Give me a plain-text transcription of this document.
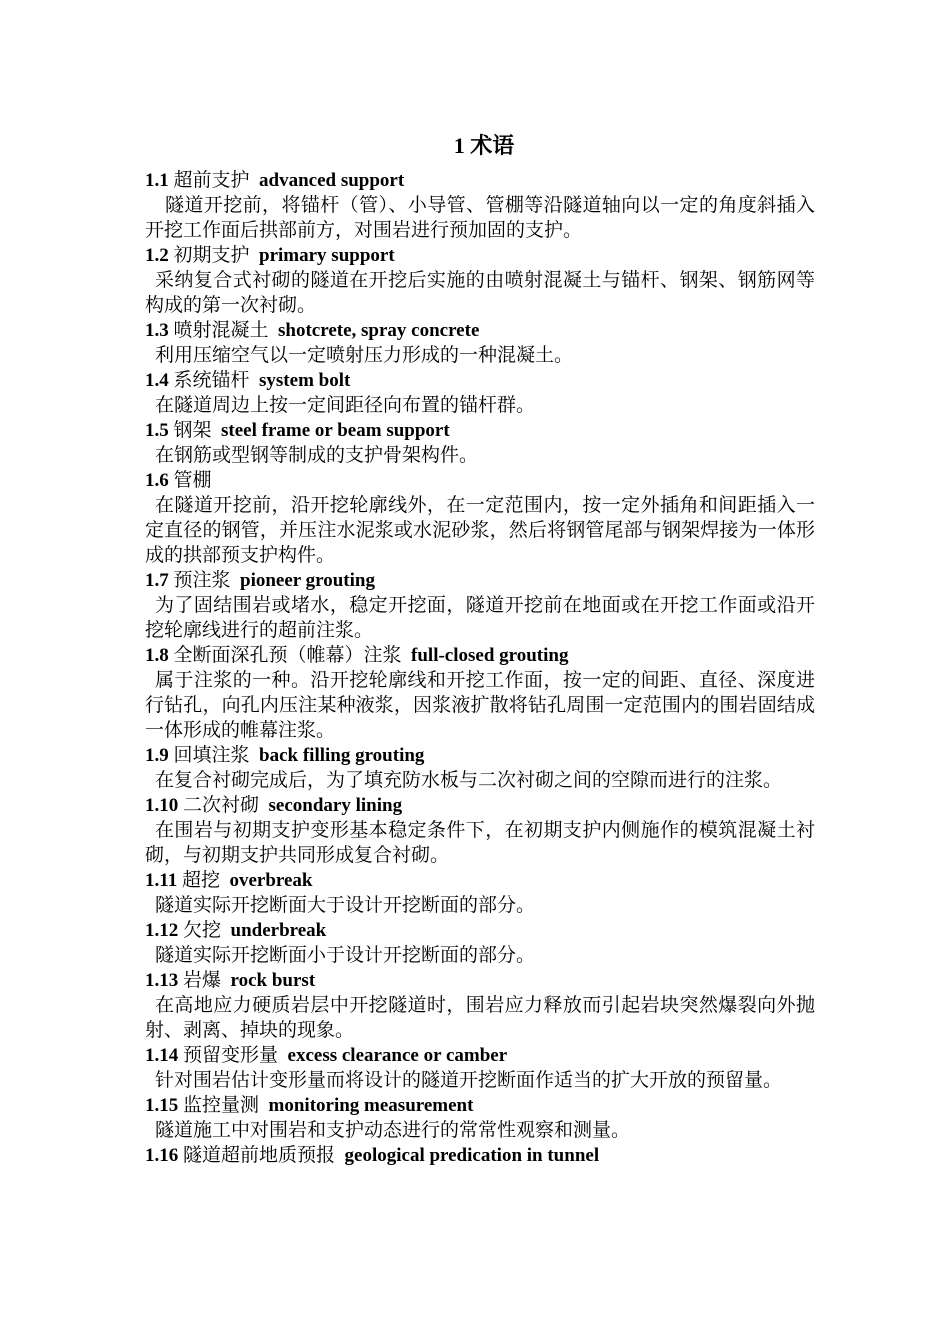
1 术语
1.1 超前支护 advanced support
隧道开挖前，将锚杆（管）、小导管、管棚等沿隧道轴向以一定的角度斜插入开挖工作面后拱部前方，对围岩进行预加固的支护。
1.2 初期支护 primary support
采纳复合式衬砌的隧道在开挖后实施的由喷射混凝土与锚杆、钢架、钢筋网等构成的第一次衬砌。
1.3 喷射混凝土 shotcrete, spray concrete
利用压缩空气以一定喷射压力形成的一种混凝土。
1.4 系统锚杆 system bolt
在隧道周边上按一定间距径向布置的锚杆群。
1.5 钢架 steel frame or beam support
在钢筋或型钢等制成的支护骨架构件。
1.6 管棚
在隧道开挖前，沿开挖轮廓线外，在一定范围内，按一定外插角和间距插入一定直径的钢管，并压注水泥浆或水泥砂浆，然后将钢管尾部与钢架焊接为一体形成的拱部预支护构件。
1.7 预注浆 pioneer grouting
为了固结围岩或堵水，稳定开挖面，隧道开挖前在地面或在开挖工作面或沿开挖轮廓线进行的超前注浆。
1.8 全断面深孔预（帷幕）注浆 full-closed grouting
属于注浆的一种。沿开挖轮廓线和开挖工作面，按一定的间距、直径、深度进行钻孔，向孔内压注某种液浆，因浆液扩散将钻孔周围一定范围内的围岩固结成一体形成的帷幕注浆。
1.9 回填注浆 back filling grouting
在复合衬砌完成后，为了填充防水板与二次衬砌之间的空隙而进行的注浆。
1.10 二次衬砌 secondary lining
在围岩与初期支护变形基本稳定条件下，在初期支护内侧施作的模筑混凝土衬砌，与初期支护共同形成复合衬砌。
1.11 超挖 overbreak
隧道实际开挖断面大于设计开挖断面的部分。
1.12 欠挖 underbreak
隧道实际开挖断面小于设计开挖断面的部分。
1.13 岩爆 rock burst
在高地应力硬质岩层中开挖隧道时，围岩应力释放而引起岩块突然爆裂向外抛射、剥离、掉块的现象。
1.14 预留变形量 excess clearance or camber
针对围岩估计变形量而将设计的隧道开挖断面作适当的扩大开放的预留量。
1.15 监控量测 monitoring measurement
隧道施工中对围岩和支护动态进行的常常性观察和测量。
1.16 隧道超前地质预报 geological predication in tunnel
